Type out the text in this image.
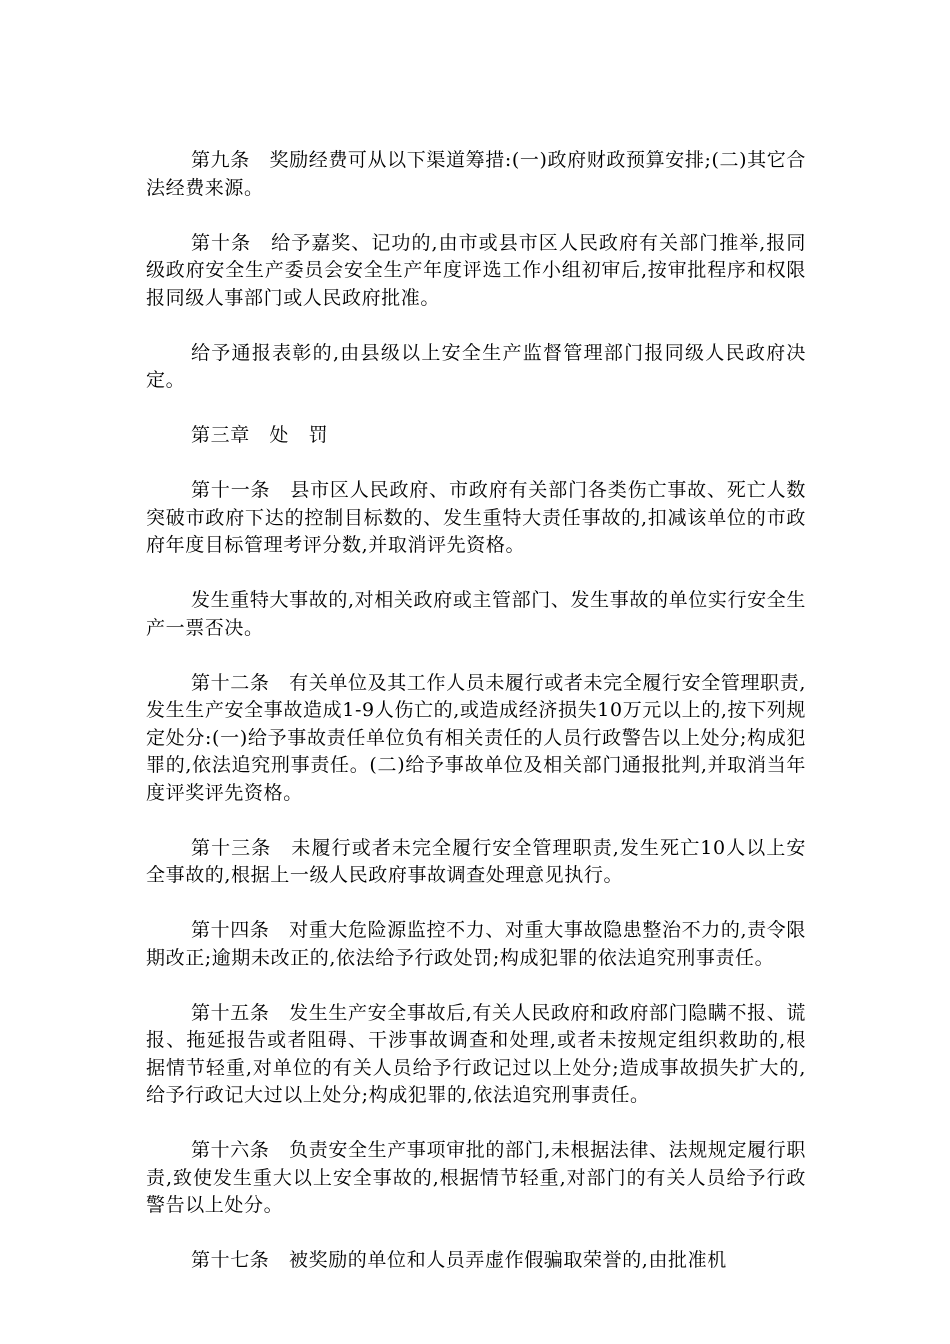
第九条　奖励经费可从以下渠道筹措:(一)政府财政预算安排;(二)其它合法经费来源。

第十条　给予嘉奖、记功的,由市或县市区人民政府有关部门推举,报同级政府安全生产委员会安全生产年度评选工作小组初审后,按审批程序和权限报同级人事部门或人民政府批准。

给予通报表彰的,由县级以上安全生产监督管理部门报同级人民政府决定。

第三章　处　罚

第十一条　县市区人民政府、市政府有关部门各类伤亡事故、死亡人数突破市政府下达的控制目标数的、发生重特大责任事故的,扣减该单位的市政府年度目标管理考评分数,并取消评先资格。

发生重特大事故的,对相关政府或主管部门、发生事故的单位实行安全生产一票否决。

第十二条　有关单位及其工作人员未履行或者未完全履行安全管理职责,发生生产安全事故造成1-9人伤亡的,或造成经济损失10万元以上的,按下列规定处分:(一)给予事故责任单位负有相关责任的人员行政警告以上处分;构成犯罪的,依法追究刑事责任。(二)给予事故单位及相关部门通报批判,并取消当年度评奖评先资格。

第十三条　未履行或者未完全履行安全管理职责,发生死亡10人以上安全事故的,根据上一级人民政府事故调查处理意见执行。

第十四条　对重大危险源监控不力、对重大事故隐患整治不力的,责令限期改正;逾期未改正的,依法给予行政处罚;构成犯罪的依法追究刑事责任。

第十五条　发生生产安全事故后,有关人民政府和政府部门隐瞒不报、谎报、拖延报告或者阻碍、干涉事故调查和处理,或者未按规定组织救助的,根据情节轻重,对单位的有关人员给予行政记过以上处分;造成事故损失扩大的,给予行政记大过以上处分;构成犯罪的,依法追究刑事责任。

第十六条　负责安全生产事项审批的部门,未根据法律、法规规定履行职责,致使发生重大以上安全事故的,根据情节轻重,对部门的有关人员给予行政警告以上处分。

第十七条　被奖励的单位和人员弄虚作假骗取荣誉的,由批准机
